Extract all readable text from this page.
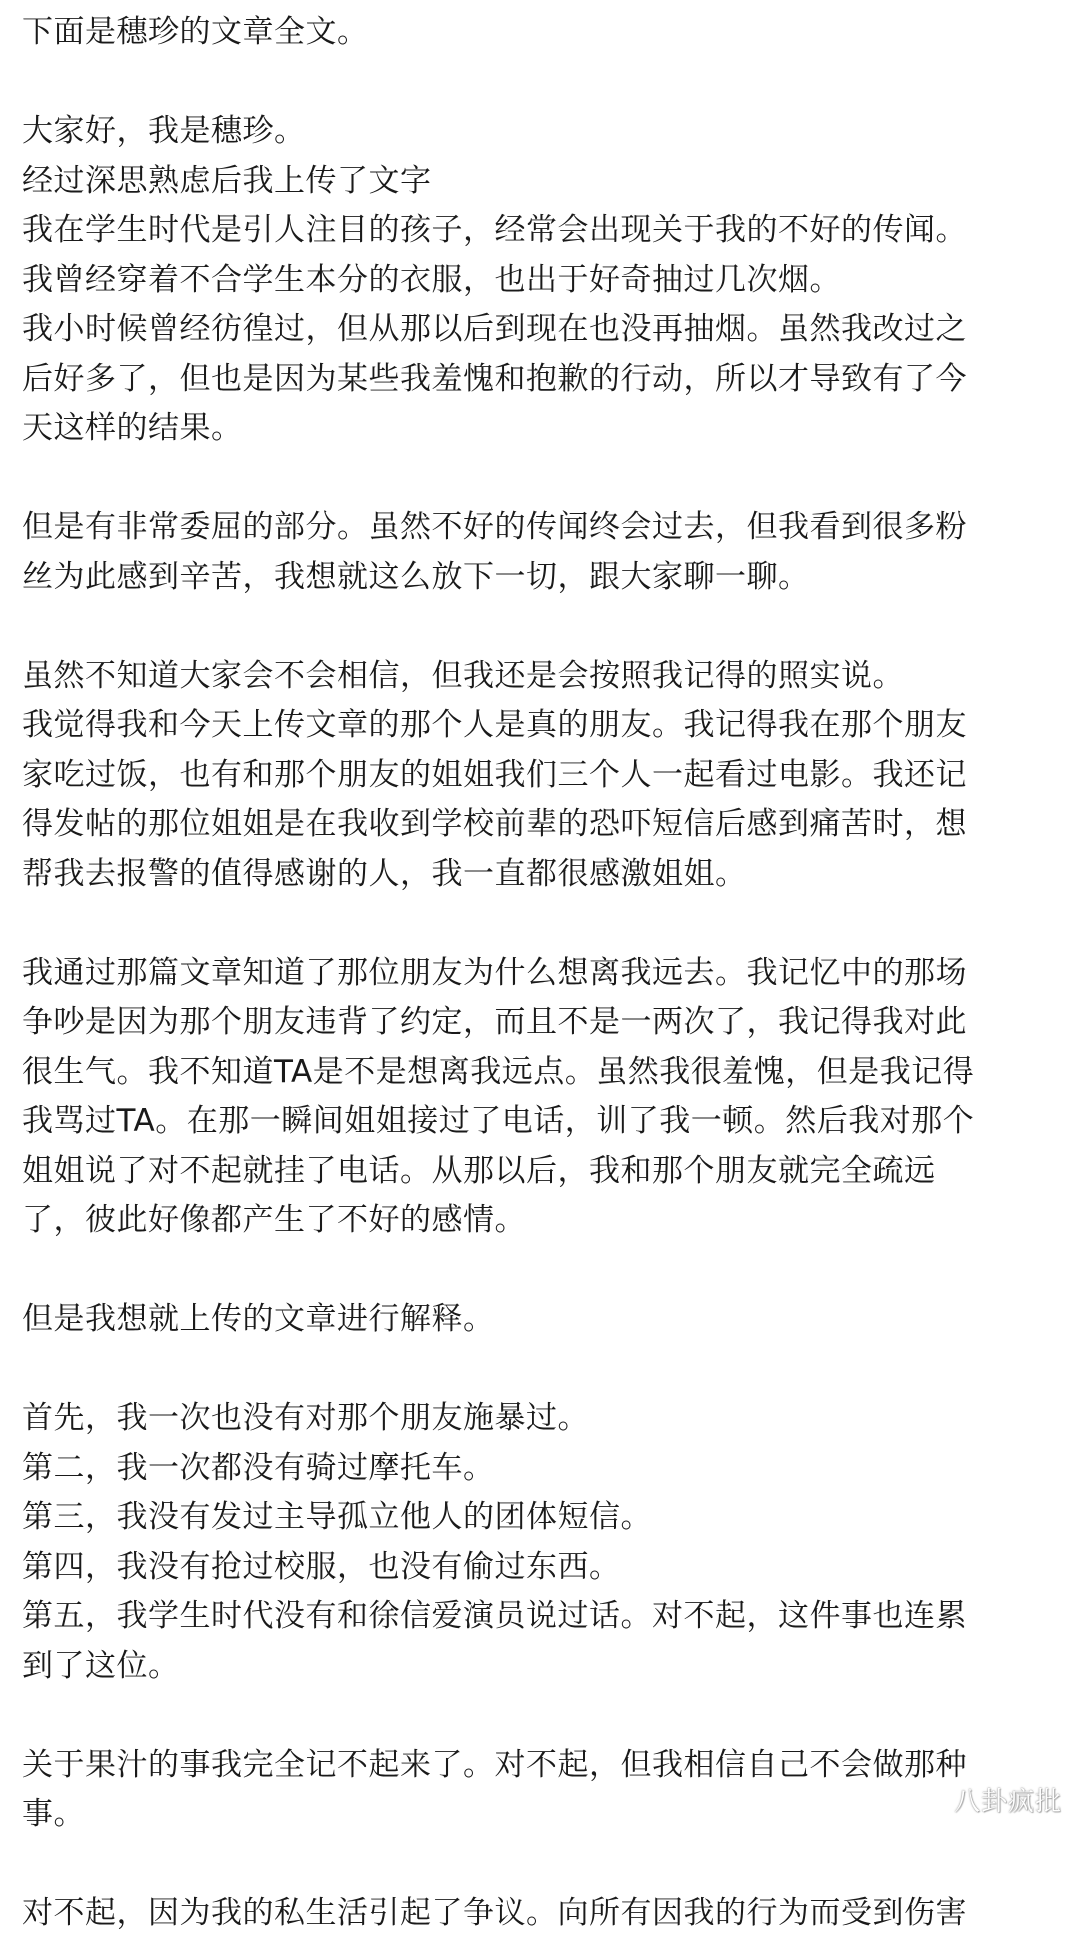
下面是穗珍的文章全文。
大家好，我是穗珍。
经过深思熟虑后我上传了文字
我在学生时代是引人注目的孩子，经常会出现关于我的不好的传闻。
我曾经穿着不合学生本分的衣服，也出于好奇抽过几次烟。
我小时候曾经彷徨过，但从那以后到现在也没再抽烟。虽然我改过之
后好多了，但也是因为某些我羞愧和抱歉的行动，所以才导致有了今
天这样的结果。
但是有非常委屈的部分。虽然不好的传闻终会过去，但我看到很多粉
丝为此感到辛苦，我想就这么放下一切，跟大家聊一聊。
虽然不知道大家会不会相信，但我还是会按照我记得的照实说。
我觉得我和今天上传文章的那个人是真的朋友。我记得我在那个朋友
家吃过饭，也有和那个朋友的姐姐我们三个人一起看过电影。我还记
得发帖的那位姐姐是在我收到学校前辈的恐吓短信后感到痛苦时，想
帮我去报警的值得感谢的人，我一直都很感激姐姐。
我通过那篇文章知道了那位朋友为什么想离我远去。我记忆中的那场
争吵是因为那个朋友违背了约定，而且不是一两次了，我记得我对此
很生气。我不知道TA是不是想离我远点。虽然我很羞愧，但是我记得
我骂过TA。在那一瞬间姐姐接过了电话，训了我一顿。然后我对那个
姐姐说了对不起就挂了电话。从那以后，我和那个朋友就完全疏远
了，彼此好像都产生了不好的感情。
但是我想就上传的文章进行解释。
首先，我一次也没有对那个朋友施暴过。
第二，我一次都没有骑过摩托车。
第三，我没有发过主导孤立他人的团体短信。
第四，我没有抢过校服，也没有偷过东西。
第五，我学生时代没有和徐信爱演员说过话。对不起，这件事也连累
到了这位。
关于果汁的事我完全记不起来了。对不起，但我相信自己不会做那种
事。
对不起，因为我的私生活引起了争议。向所有因我的行为而受到伤害
八卦疯批
